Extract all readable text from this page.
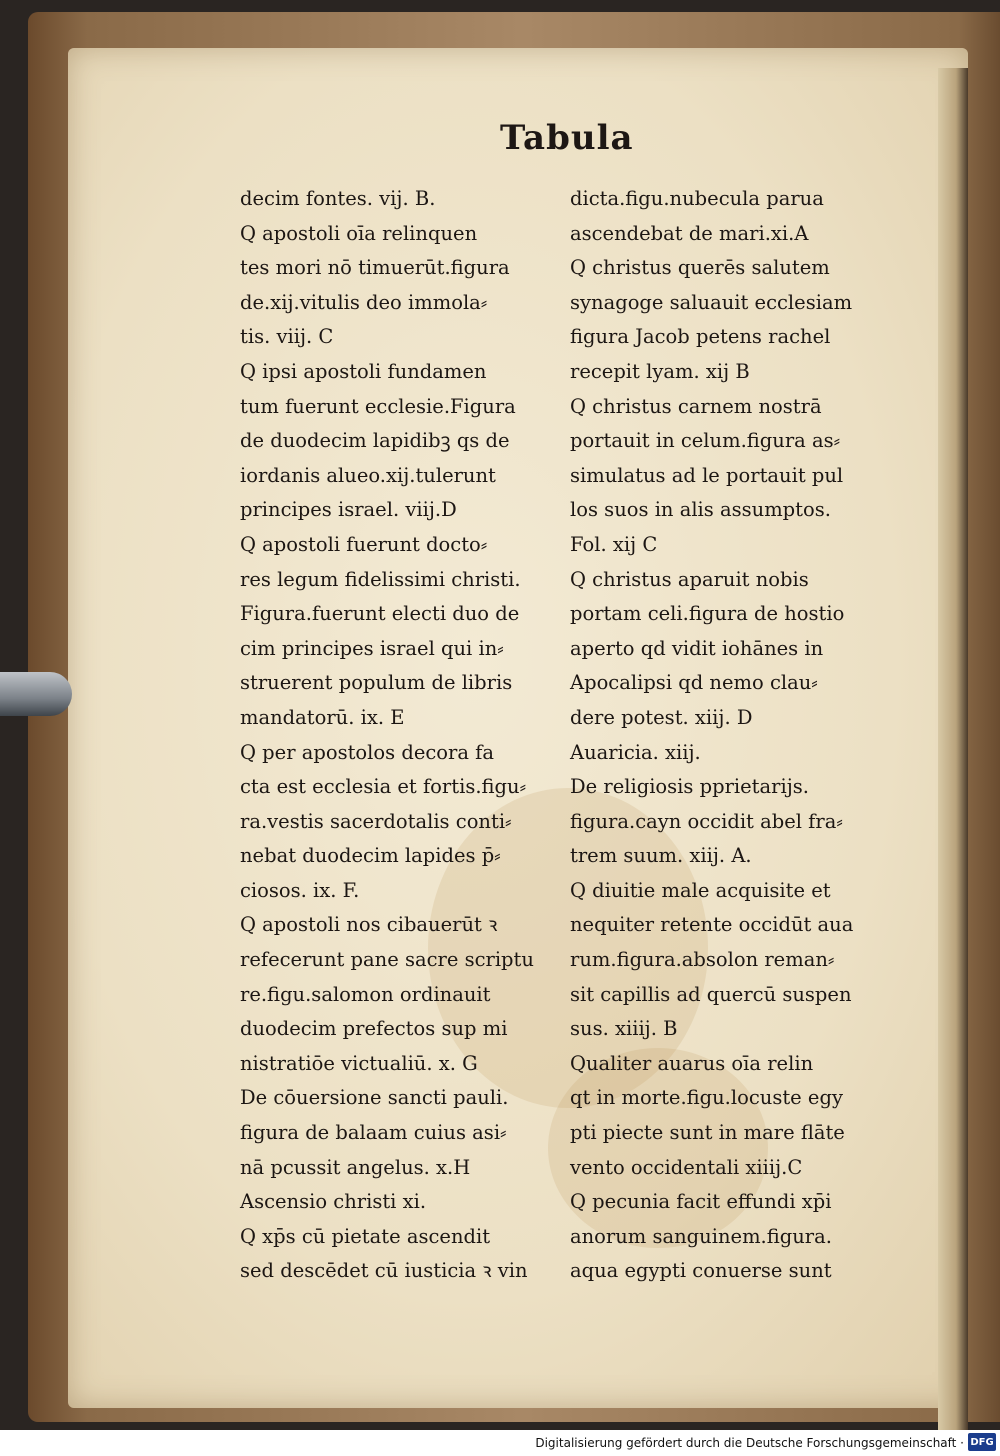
Tabula
decim fontes. vij. B.
Q apostoli oīa relinquen
tes mori nō timuerūt.figura
de.xij.vitulis deo immola⸗
tis. viij. C
Q ipsi apostoli fundamen
tum fuerunt ecclesie.Figura
de duodecim lapidibꝫ qs de
iordanis alueo.xij.tulerunt
principes israel. viij.D
Q apostoli fuerunt docto⸗
res legum fidelissimi christi.
Figura.fuerunt electi duo de
cim principes israel qui in⸗
struerent populum de libris
mandatorū. ix. E
Q per apostolos decora fa
cta est ecclesia et fortis.figu⸗
ra.vestis sacerdotalis conti⸗
nebat duodecim lapides p̄⸗
ciosos. ix. F.
Q apostoli nos cibauerūt ꝛ
refecerunt pane sacre scriptu
re.figu.salomon ordinauit
duodecim prefectos sup mi
nistratiōe victualiū. x. G
De cōuersione sancti pauli.
figura de balaam cuius asi⸗
nā pcussit angelus. x.H
Ascensio christi xi.
Q xp̄s cū pietate ascendit
sed descēdet cū iusticia ꝛ vin
dicta.figu.nubecula parua
ascendebat de mari.xi.A
Q christus querēs salutem
synagoge saluauit ecclesiam
figura Jacob petens rachel
recepit lyam. xij B
Q christus carnem nostrā
portauit in celum.figura as⸗
simulatus ad le portauit pul
los suos in alis assumptos.
Fol. xij C
Q christus aparuit nobis
portam celi.figura de hostio
aperto qd vidit iohānes in
Apocalipsi qd nemo clau⸗
dere potest. xiij. D
Auaricia. xiij.
De religiosis pprietarijs.
figura.cayn occidit abel fra⸗
trem suum. xiij. A.
Q diuitie male acquisite et
nequiter retente occidūt aua
rum.figura.absolon reman⸗
sit capillis ad quercū suspen
sus. xiiij. B
Qualiter auarus oīa relin
qt in morte.figu.locuste egy
pti piecte sunt in mare flāte
vento occidentali xiiij.C
Q pecunia facit effundi xp̄i
anorum sanguinem.figura.
aqua egypti conuerse sunt
Digitalisierung gefördert durch die Deutsche Forschungsgemeinschaft · DFG
